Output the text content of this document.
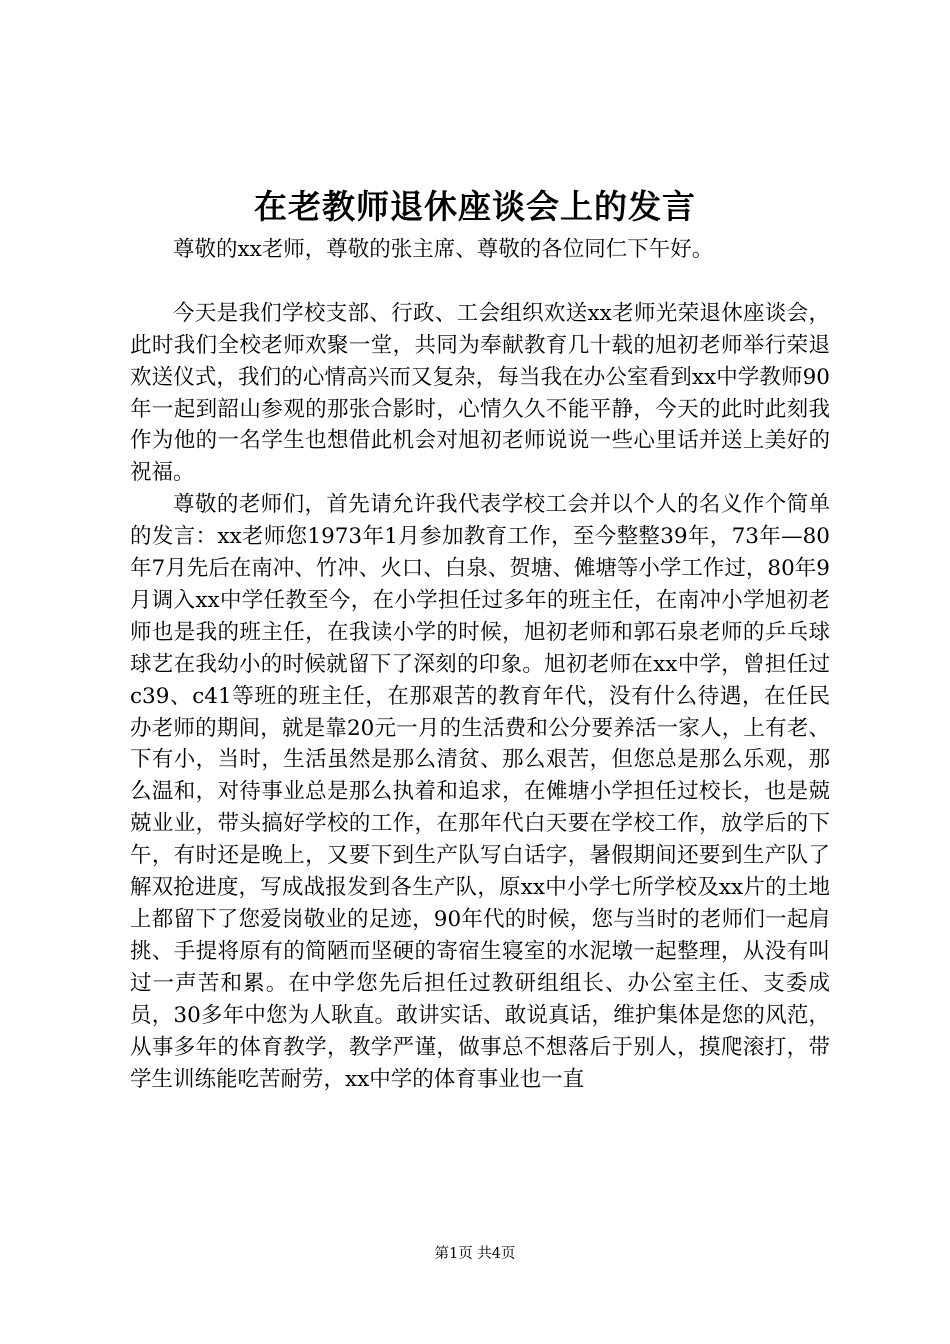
在老教师退休座谈会上的发言

尊敬的xx老师，尊敬的张主席、尊敬的各位同仁下午好。

今天是我们学校支部、行政、工会组织欢送xx老师光荣退休座谈会，此时我们全校老师欢聚一堂，共同为奉献教育几十载的旭初老师举行荣退欢送仪式，我们的心情高兴而又复杂，每当我在办公室看到xx中学教师90年一起到韶山参观的那张合影时，心情久久不能平静，今天的此时此刻我作为他的一名学生也想借此机会对旭初老师说说一些心里话并送上美好的祝福。

尊敬的老师们，首先请允许我代表学校工会并以个人的名义作个简单的发言：xx老师您1973年1月参加教育工作，至今整整39年，73年—80年7月先后在南冲、竹冲、火口、白泉、贺塘、傩塘等小学工作过，80年9月调入xx中学任教至今，在小学担任过多年的班主任，在南冲小学旭初老师也是我的班主任，在我读小学的时候，旭初老师和郭石泉老师的乒乓球球艺在我幼小的时候就留下了深刻的印象。旭初老师在xx中学，曾担任过c39、c41等班的班主任，在那艰苦的教育年代，没有什么待遇，在任民办老师的期间，就是靠20元一月的生活费和公分要养活一家人，上有老、下有小，当时，生活虽然是那么清贫、那么艰苦，但您总是那么乐观，那么温和，对待事业总是那么执着和追求，在傩塘小学担任过校长，也是兢兢业业，带头搞好学校的工作，在那年代白天要在学校工作，放学后的下午，有时还是晚上，又要下到生产队写白话字，暑假期间还要到生产队了解双抢进度，写成战报发到各生产队，原xx中小学七所学校及xx片的土地上都留下了您爱岗敬业的足迹，90年代的时候，您与当时的老师们一起肩挑、手提将原有的简陋而坚硬的寄宿生寝室的水泥墩一起整理，从没有叫过一声苦和累。在中学您先后担任过教研组组长、办公室主任、支委成员，30多年中您为人耿直。敢讲实话、敢说真话，维护集体是您的风范，从事多年的体育教学，教学严谨，做事总不想落后于别人，摸爬滚打，带学生训练能吃苦耐劳，xx中学的体育事业也一直

第1页 共4页
